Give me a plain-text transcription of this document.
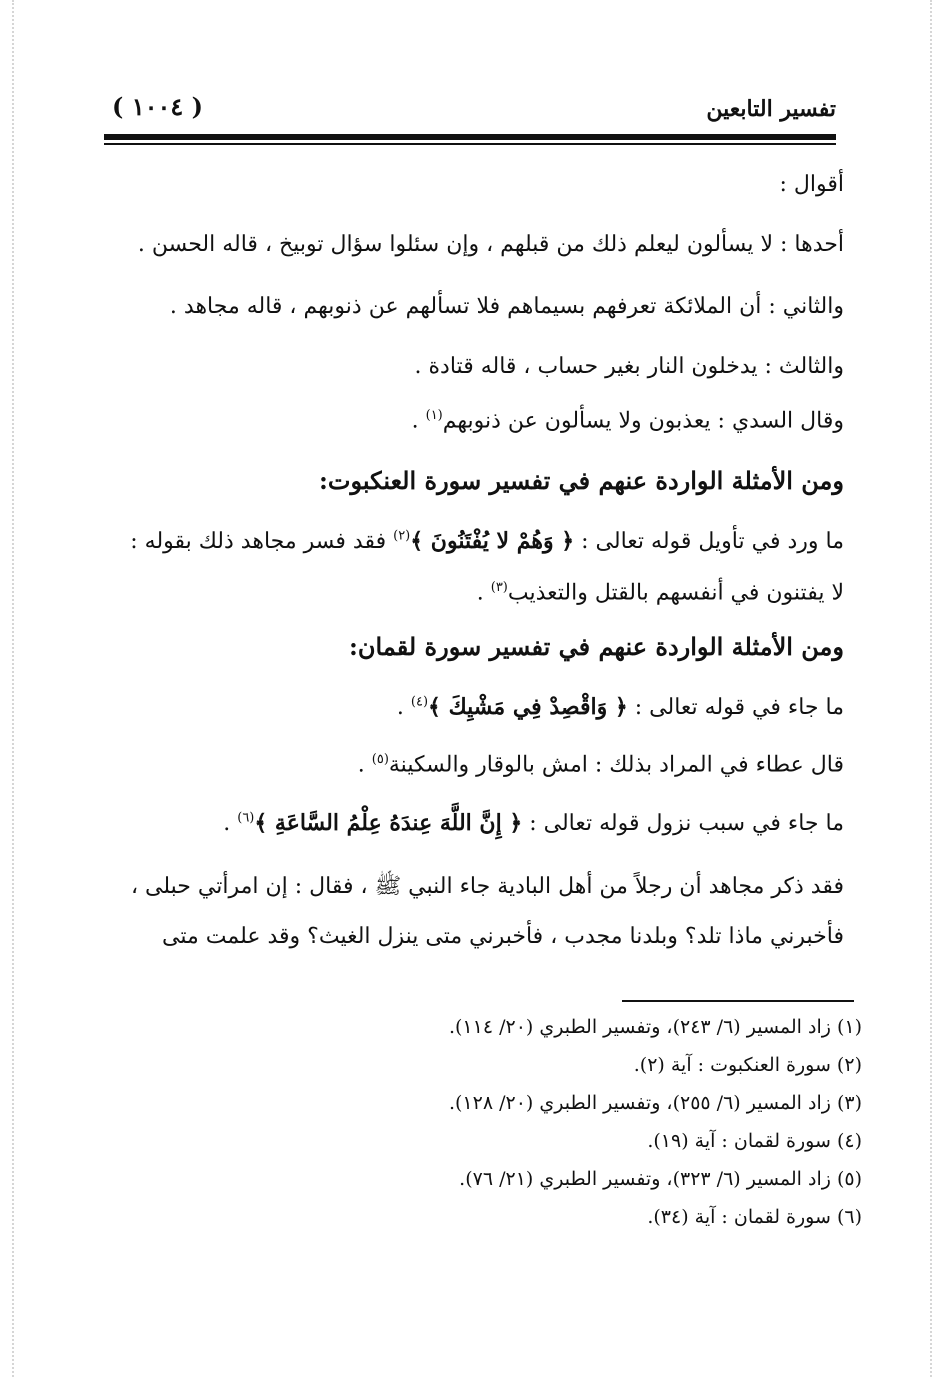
( ١٠٠٤ )	تفسير التابعين
أقوال :
أحدها : لا يسألون ليعلم ذلك من قبلهم ، وإن سئلوا سؤال توبيخ ، قاله الحسن .
والثاني : أن الملائكة تعرفهم بسيماهم فلا تسألهم عن ذنوبهم ، قاله مجاهد .
والثالث : يدخلون النار بغير حساب ، قاله قتادة .
وقال السدي : يعذبون ولا يسألون عن ذنوبهم$^{(١)}$ .
ومن الأمثلة الواردة عنهم في تفسير سورة العنكبوت:
ما ورد في تأويل قوله تعالى : ﴿ وَهُمْ لا يُفْتَنُونَ ﴾$^{(٢)}$ فقد فسر مجاهد ذلك بقوله :
لا يفتنون في أنفسهم بالقتل والتعذيب$^{(٣)}$ .
ومن الأمثلة الواردة عنهم في تفسير سورة لقمان:
ما جاء في قوله تعالى : ﴿ وَاقْصِدْ فِي مَشْيِكَ ﴾$^{(٤)}$ .
قال عطاء في المراد بذلك : امش بالوقار والسكينة$^{(٥)}$ .
ما جاء في سبب نزول قوله تعالى : ﴿ إِنَّ اللَّهَ عِندَهُ عِلْمُ السَّاعَةِ ﴾$^{(٦)}$ .
فقد ذكر مجاهد أن رجلاً من أهل البادية جاء النبي ﷺ ، فقال : إن امرأتي حبلى ،
فأخبرني ماذا تلد؟ وبلدنا مجدب ، فأخبرني متى ينزل الغيث؟ وقد علمت متى
(١) زاد المسير (٦/ ٢٤٣)، وتفسير الطبري (٢٠/ ١١٤).
(٢) سورة العنكبوت : آية (٢).
(٣) زاد المسير (٦/ ٢٥٥)، وتفسير الطبري (٢٠/ ١٢٨).
(٤) سورة لقمان : آية (١٩).
(٥) زاد المسير (٦/ ٣٢٣)، وتفسير الطبري (٢١/ ٧٦).
(٦) سورة لقمان : آية (٣٤).
